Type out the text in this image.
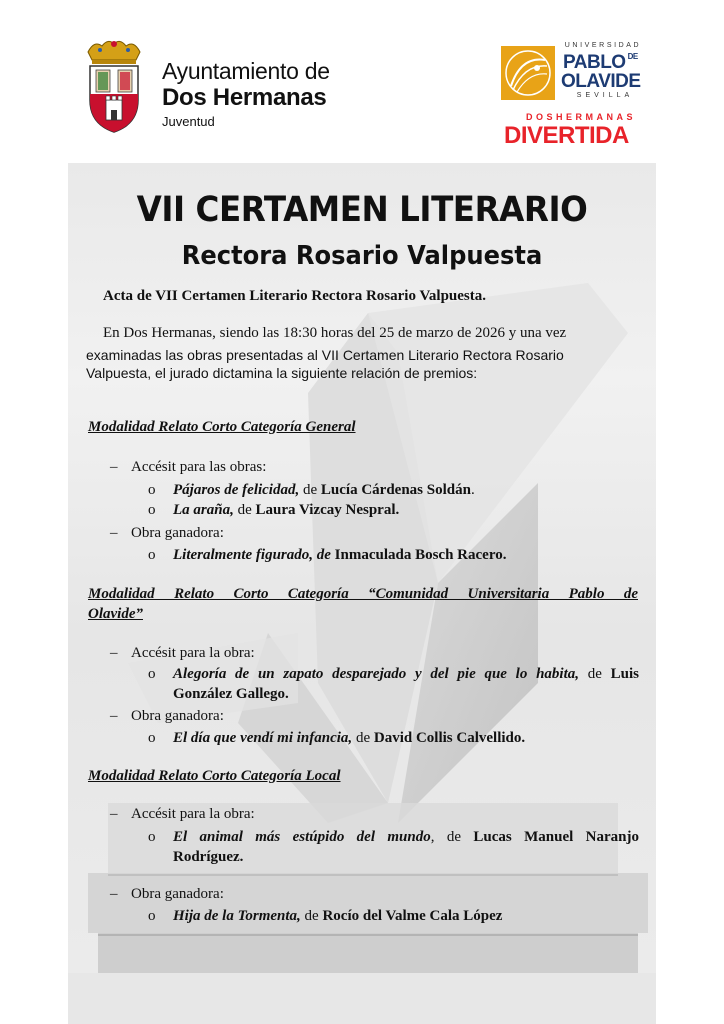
Ayuntamiento de
Dos Hermanas
Juventud
UNIVERSIDAD
PABLO $^{DE}$
OLAVIDE
SEVILLA
DOSHERMANAS
DIVERTIDA
VII CERTAMEN LITERARIO
Rectora Rosario Valpuesta
Acta de VII Certamen Literario Rectora Rosario Valpuesta.
En Dos Hermanas, siendo las 18:30 horas del 25 de marzo de 2026 y una vez
examinadas las obras presentadas al VII Certamen Literario Rectora Rosario
Valpuesta, el jurado dictamina la siguiente relación de premios:
Modalidad Relato Corto Categoría General
– Accésit para las obras:
o Pájaros de felicidad, de Lucía Cárdenas Soldán.
o La araña, de Laura Vizcay Nespral.
– Obra ganadora:
o Literalmente figurado, de Inmaculada Bosch Racero.
Modalidad Relato Corto Categoría “Comunidad Universitaria Pablo de
Olavide”
– Accésit para la obra:
o Alegoría de un zapato desparejado y del pie que lo habita, de Luis
González Gallego.
– Obra ganadora:
o El día que vendí mi infancia, de David Collis Calvellido.
Modalidad Relato Corto Categoría Local
– Accésit para la obra:
o El animal más estúpido del mundo, de Lucas Manuel Naranjo
Rodríguez.
– Obra ganadora:
o Hija de la Tormenta, de Rocío del Valme Cala López
